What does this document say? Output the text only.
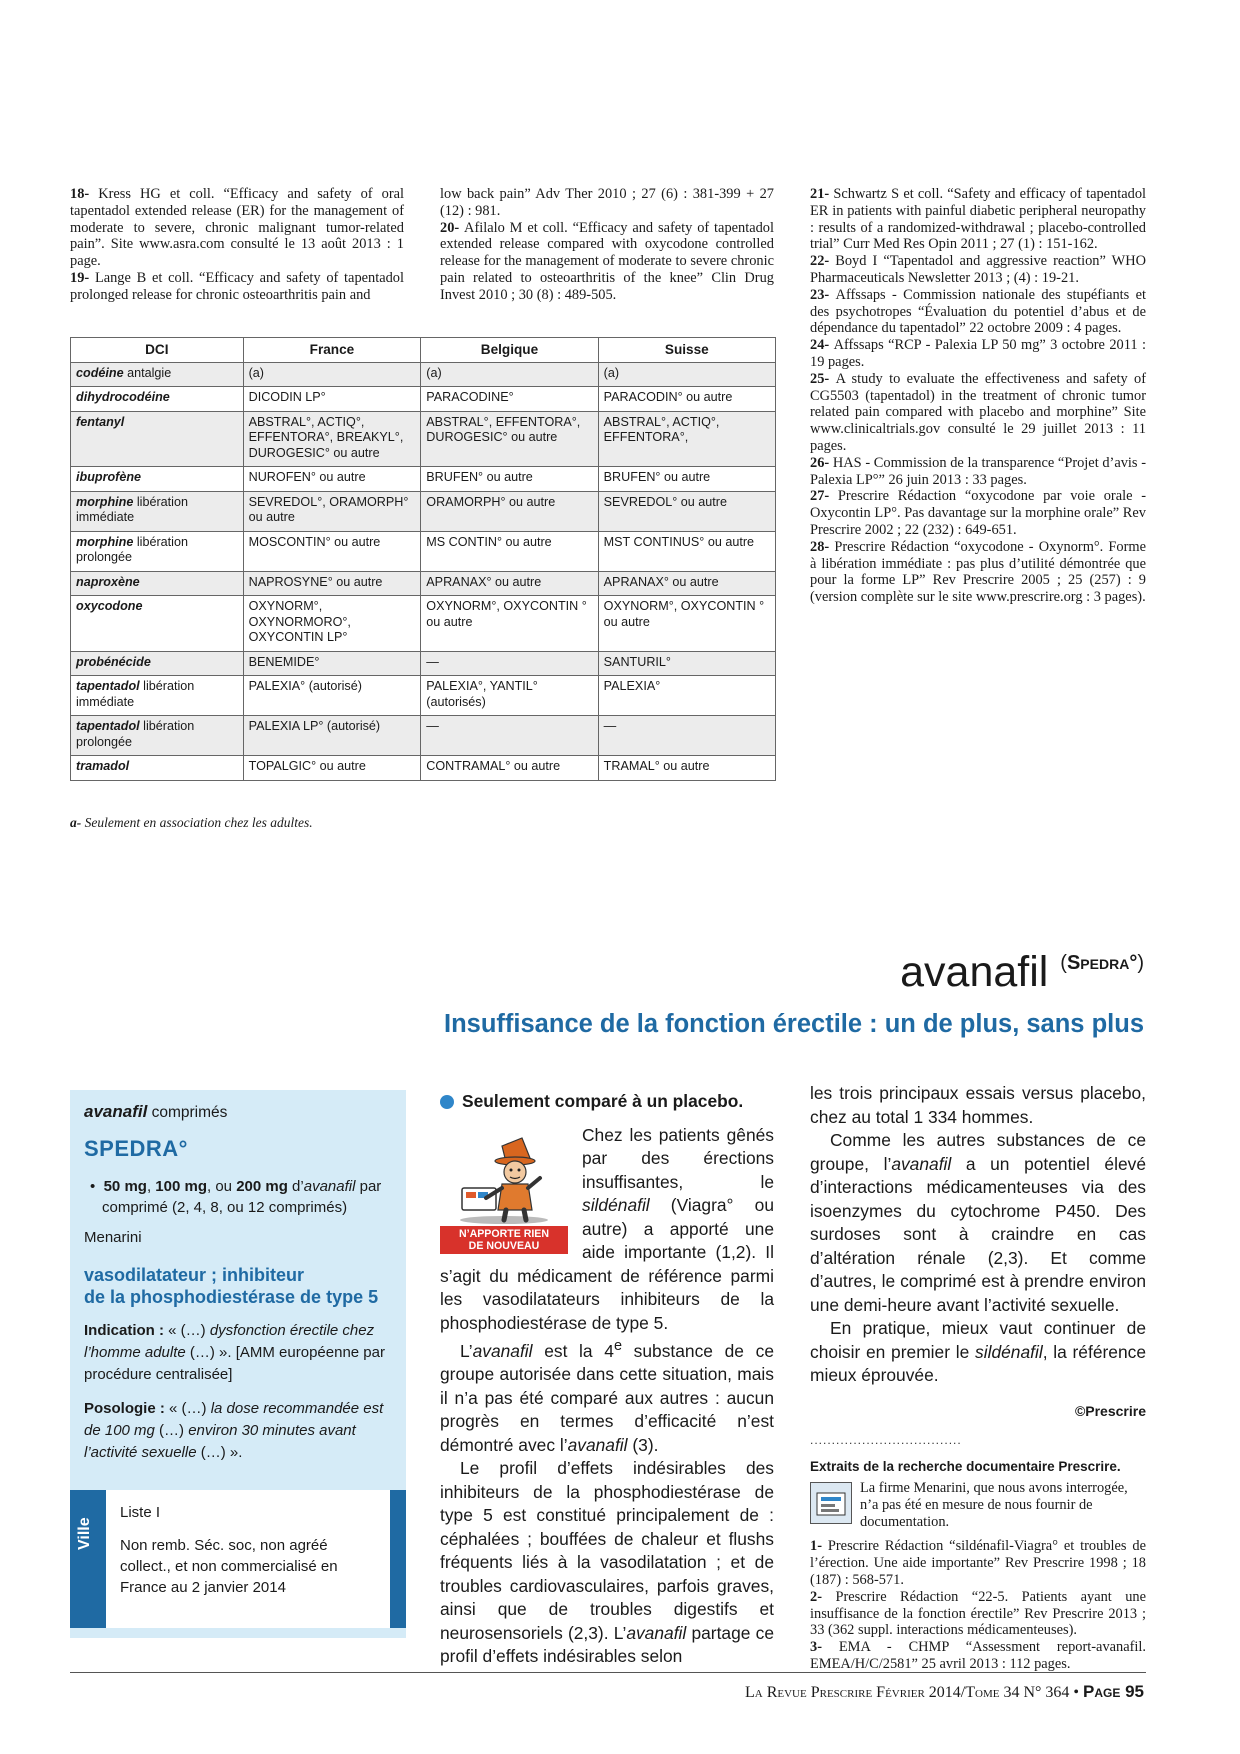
18- Kress HG et coll. “Efficacy and safety of oral tapentadol extended release (ER) for the management of moderate to severe, chronic malignant tumor-related pain”. Site www.asra.com consulté le 13 août 2013 : 1 page.

19- Lange B et coll. “Efficacy and safety of tapentadol prolonged release for chronic osteoarthritis pain and

low back pain” Adv Ther 2010 ; 27 (6) : 381-399 + 27 (12) : 981.

20- Afilalo M et coll. “Efficacy and safety of tapentadol extended release compared with oxycodone controlled release for the management of moderate to severe chronic pain related to osteoarthritis of the knee” Clin Drug Invest 2010 ; 30 (8) : 489-505.

21- Schwartz S et coll. “Safety and efficacy of tapentadol ER in patients with painful diabetic peripheral neuropathy : results of a randomized-withdrawal ; placebo-controlled trial” Curr Med Res Opin 2011 ; 27 (1) : 151-162.

22- Boyd I “Tapentadol and aggressive reaction” WHO Pharmaceuticals Newsletter 2013 ; (4) : 19-21.

23- Affssaps - Commission nationale des stupéfiants et des psychotropes “Évaluation du potentiel d’abus et de dépendance du tapentadol” 22 octobre 2009 : 4 pages.

24- Affssaps “RCP - Palexia LP 50 mg” 3 octobre 2011 : 19 pages.

25- A study to evaluate the effectiveness and safety of CG5503 (tapentadol) in the treatment of chronic tumor related pain compared with placebo and morphine” Site www.clinicaltrials.gov consulté le 29 juillet 2013 : 11 pages.

26- HAS - Commission de la transparence “Projet d’avis - Palexia LP°” 26 juin 2013 : 33 pages.

27- Prescrire Rédaction “oxycodone par voie orale - Oxycontin LP°. Pas davantage sur la morphine orale” Rev Prescrire 2002 ; 22 (232) : 649-651.

28- Prescrire Rédaction “oxycodone - Oxynorm°. Forme à libération immédiate : pas plus d’utilité démontrée que pour la forme LP” Rev Prescrire 2005 ; 25 (257) : 9 (version complète sur le site www.prescrire.org : 3 pages).

DCI	France	Belgique	Suisse
codéine antalgie	(a)	(a)	(a)
dihydrocodéine	DICODIN LP°	PARACODINE°	PARACODIN° ou autre
fentanyl	ABSTRAL°, ACTIQ°, EFFENTORA°, BREAKYL°, DUROGESIC° ou autre	ABSTRAL°, EFFENTORA°, DUROGESIC° ou autre	ABSTRAL°, ACTIQ°, EFFENTORA°,
ibuprofène	NUROFEN° ou autre	BRUFEN° ou autre	BRUFEN° ou autre
morphine libération immédiate	SEVREDOL°, ORAMORPH° ou autre	ORAMORPH° ou autre	SEVREDOL° ou autre
morphine libération prolongée	MOSCONTIN° ou autre	MS CONTIN° ou autre	MST CONTINUS° ou autre
naproxène	NAPROSYNE° ou autre	APRANAX° ou autre	APRANAX° ou autre
oxycodone	OXYNORM°, OXYNORMORO°, OXYCONTIN LP°	OXYNORM°, OXYCONTIN ° ou autre	OXYNORM°, OXYCONTIN ° ou autre
probénécide	BENEMIDE°	—	SANTURIL°
tapentadol libération immédiate	PALEXIA° (autorisé)	PALEXIA°, YANTIL° (autorisés)	PALEXIA°
tapentadol libération prolongée	PALEXIA LP° (autorisé)	—	—
tramadol	TOPALGIC° ou autre	CONTRAMAL° ou autre	TRAMAL° ou autre
a- Seulement en association chez les adultes.
avanafil $^{(Spedra^\circ)}$
Insuffisance de la fonction érectile : un de plus, sans plus
avanafil comprimés
SPEDRA°
•  50 mg, 100 mg, ou 200 mg d’avanafil par comprimé (2, 4, 8, ou 12 comprimés)
Menarini
vasodilatateur ; inhibiteur
de la phosphodiestérase de type 5
Indication : « (…) dysfonction érectile chez l’homme adulte (…) ». [AMM européenne par procédure centralisée]
Posologie : « (…) la dose recommandée est de 100 mg (…) environ 30 minutes avant l’activité sexuelle (…) ».
Ville

Liste I

Non remb. Séc. soc, non agréé collect., et non commercialisé en France au 2 janvier 2014

Seulement comparé à un placebo.
N’APPORTE RIEN
DE NOUVEAU

Chez les patients gênés par des érections insuffisantes, le sildénafil (Viagra° ou autre) a apporté une aide importante (1,2). Il s’agit du médicament de référence parmi les vasodilatateurs inhibiteurs de la phosphodiestérase de type 5.

L’avanafil est la 4e substance de ce groupe autorisée dans cette situation, mais il n’a pas été comparé aux autres : aucun progrès en termes d’efficacité n’est démontré avec l’avanafil (3).

Le profil d’effets indésirables des inhibiteurs de la phosphodiestérase de type 5 est constitué principalement de : céphalées ; bouffées de chaleur et flushs fréquents liés à la vasodilatation ; et de troubles cardiovasculaires, parfois graves, ainsi que de troubles digestifs et neurosensoriels (2,3). L’avanafil partage ce profil d’effets indésirables selon

les trois principaux essais versus placebo, chez au total 1 334 hommes.

Comme les autres substances de ce groupe, l’avanafil a un potentiel élevé d’interactions médicamenteuses via des isoenzymes du cytochrome P450. Des surdoses sont à craindre en cas d’altération rénale (2,3). Et comme d’autres, le comprimé est à prendre environ une demi-heure avant l’activité sexuelle.

En pratique, mieux vaut continuer de choisir en premier le sildénafil, la référence mieux éprouvée.

©Prescrire
...................................
Extraits de la recherche documentaire Prescrire.
La firme Menarini, que nous avons interrogée, n’a pas été en mesure de nous fournir de documentation.

1- Prescrire Rédaction “sildénafil-Viagra° et troubles de l’érection. Une aide importante” Rev Prescrire 1998 ; 18 (187) : 568-571.

2- Prescrire Rédaction “22-5. Patients ayant une insuffisance de la fonction érectile” Rev Prescrire 2013 ; 33 (362 suppl. interactions médicamenteuses).

3- EMA - CHMP “Assessment report-avanafil. EMEA/H/C/2581” 25 avril 2013 : 112 pages.

La Revue Prescrire Février 2014/Tome 34 N° 364 • Page 95
